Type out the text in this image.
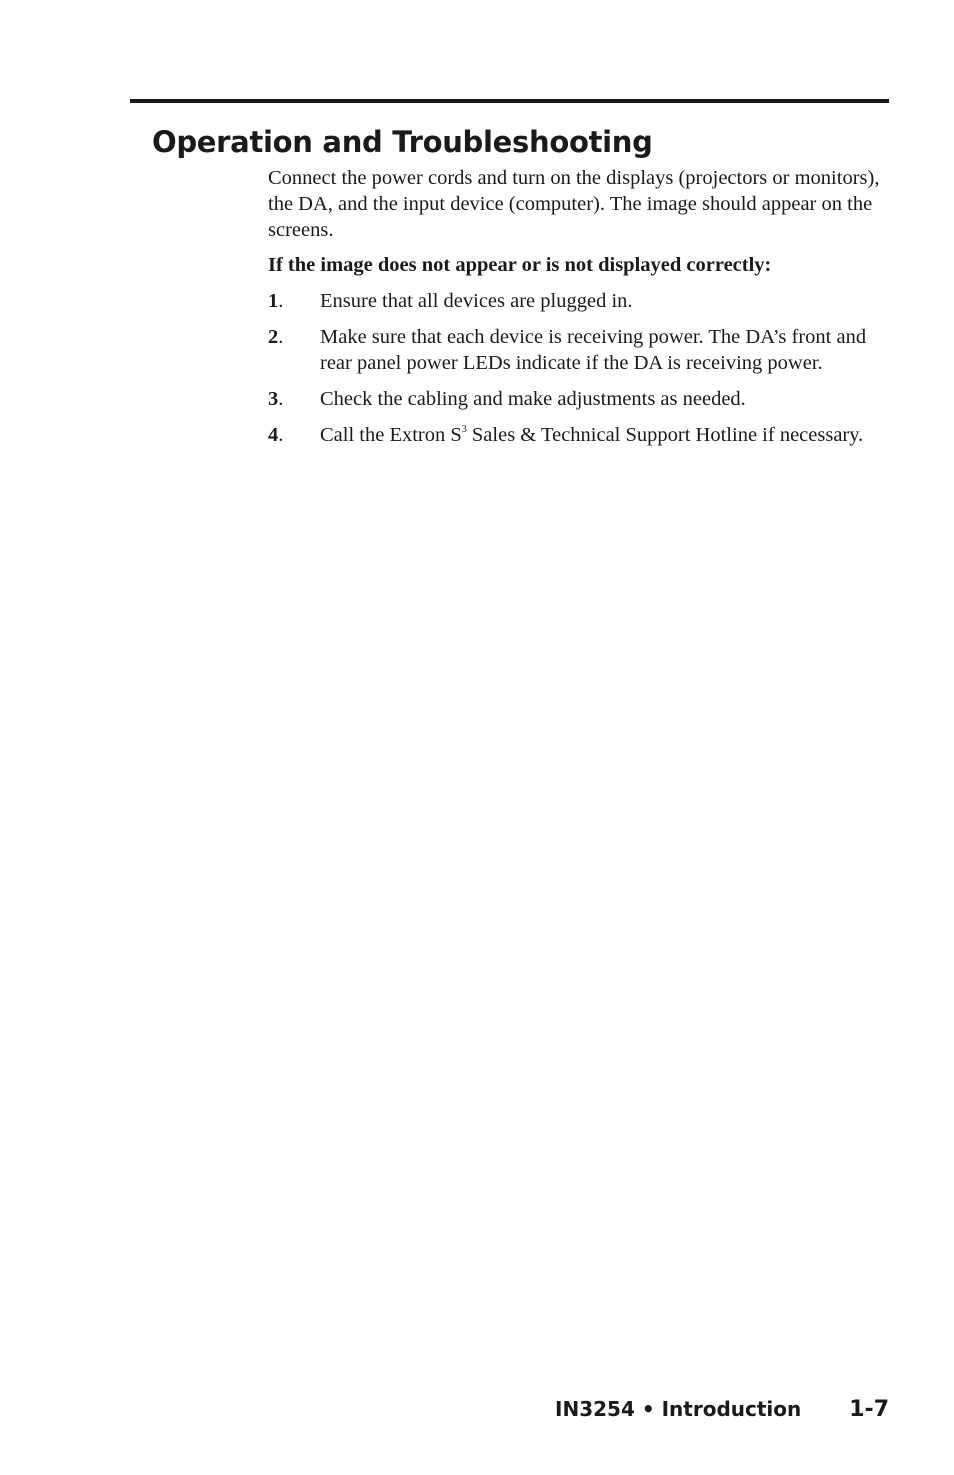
Operation and Troubleshooting

Connect the power cords and turn on the displays (projectors or monitors), the DA, and the input device (computer). The image should appear on the screens.

If the image does not appear or is not displayed correctly:

1.	Ensure that all devices are plugged in.
2.	Make sure that each device is receiving power. The DA’s front and rear panel power LEDs indicate if the DA is receiving power.
3.	Check the cabling and make adjustments as needed.
4.	Call the Extron $S^3$ Sales & Technical Support Hotline if necessary.
IN3254 • Introduction 1-7
